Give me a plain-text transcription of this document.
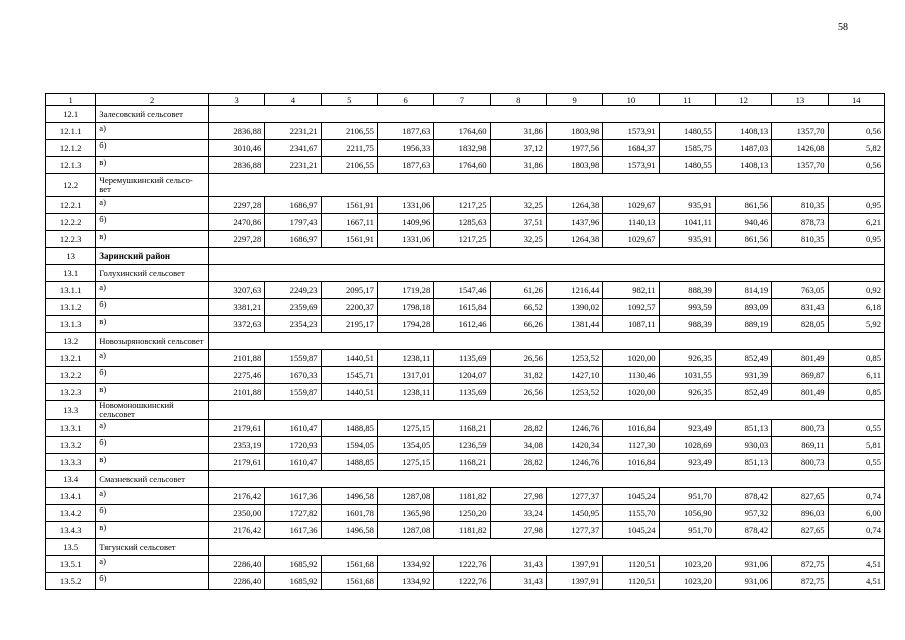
58
1	2	3	4	5	6	7	8	9	10	11	12	13	14
12.1	Залесовский сельсовет												
12.1.1	а)	2836,88	2231,21	2106,55	1877,63	1764,60	31,86	1803,98	1573,91	1480,55	1408,13	1357,70	0,56
12.1.2	б)	3010,46	2341,67	2211,75	1956,33	1832,98	37,12	1977,56	1684,37	1585,75	1487,03	1426,08	5,82
12.1.3	в)	2836,88	2231,21	2106,55	1877,63	1764,60	31,86	1803,98	1573,91	1480,55	1408,13	1357,70	0,56
12.2	Черемушкинский сельсо-
вет												
12.2.1	а)	2297,28	1686,97	1561,91	1331,06	1217,25	32,25	1264,38	1029,67	935,91	861,56	810,35	0,95
12.2.2	б)	2470,86	1797,43	1667,11	1409,96	1285,63	37,51	1437,96	1140,13	1041,11	940,46	878,73	6,21
12.2.3	в)	2297,28	1686,97	1561,91	1331,06	1217,25	32,25	1264,38	1029,67	935,91	861,56	810,35	0,95
13	Заринский район												
13.1	Голухинский сельсовет												
13.1.1	а)	3207,63	2249,23	2095,17	1719,28	1547,46	61,26	1216,44	982,11	888,39	814,19	763,05	0,92
13.1.2	б)	3381,21	2359,69	2200,37	1798,18	1615,84	66,52	1390,02	1092,57	993,59	893,09	831,43	6,18
13.1.3	в)	3372,63	2354,23	2195,17	1794,28	1612,46	66,26	1381,44	1087,11	988,39	889,19	828,05	5,92
13.2	Новозыряновский сельсовет												
13.2.1	а)	2101,88	1559,87	1440,51	1238,11	1135,69	26,56	1253,52	1020,00	926,35	852,49	801,49	0,85
13.2.2	б)	2275,46	1670,33	1545,71	1317,01	1204,07	31,82	1427,10	1130,46	1031,55	931,39	869,87	6,11
13.2.3	в)	2101,88	1559,87	1440,51	1238,11	1135,69	26,56	1253,52	1020,00	926,35	852,49	801,49	0,85
13.3	Новомоношкинский сельсовет												
13.3.1	а)	2179,61	1610,47	1488,85	1275,15	1168,21	28,82	1246,76	1016,84	923,49	851,13	800,73	0,55
13.3.2	б)	2353,19	1720,93	1594,05	1354,05	1236,59	34,08	1420,34	1127,30	1028,69	930,03	869,11	5,81
13.3.3	в)	2179,61	1610,47	1488,85	1275,15	1168,21	28,82	1246,76	1016,84	923,49	851,13	800,73	0,55
13.4	Смазневский сельсовет												
13.4.1	а)	2176,42	1617,36	1496,58	1287,08	1181,82	27,98	1277,37	1045,24	951,70	878,42	827,65	0,74
13.4.2	б)	2350,00	1727,82	1601,78	1365,98	1250,20	33,24	1450,95	1155,70	1056,90	957,32	896,03	6,00
13.4.3	в)	2176,42	1617,36	1496,58	1287,08	1181,82	27,98	1277,37	1045,24	951,70	878,42	827,65	0,74
13.5	Тягунский сельсовет												
13.5.1	а)	2286,40	1685,92	1561,68	1334,92	1222,76	31,43	1397,91	1120,51	1023,20	931,06	872,75	4,51
13.5.2	б)	2286,40	1685,92	1561,68	1334,92	1222,76	31,43	1397,91	1120,51	1023,20	931,06	872,75	4,51
